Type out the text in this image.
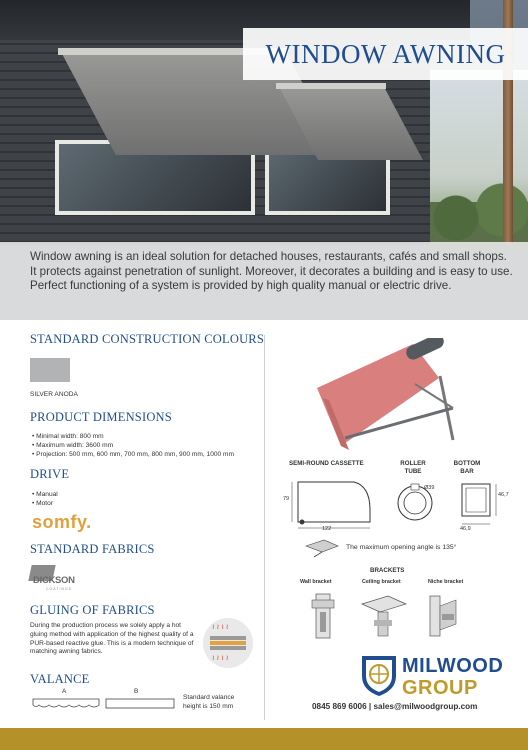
WINDOW AWNING

Window awning is an ideal solution for detached houses, restaurants, cafés and small shops. It protects against penetration of sunlight. Moreover, it decorates a building and is easy to use. Perfect functioning of a system is provided by high quality manual or electric drive.

STANDARD CONSTRUCTION COLOURS
SILVER ANODA
PRODUCT DIMENSIONS
• Minimal width: 800 mm
• Maximum width: 3600 mm
• Projection: 500 mm, 600 mm, 700 mm, 800 mm, 900 mm, 1000 mm
DRIVE
• Manual
• Motor
somfy.
STANDARD FABRICS
DICKSON
COATINGS
GLUING OF FABRICS
During the production process we solely apply a hot gluing method with application of the highest quality of a PUR-based reactive glue. This is a modern technique of matching awning fabrics.
≀≀≀≀
≀≀≀≀
VALANCE
A	B
Standard valance height is 150 mm
SEMI-ROUND CASSETTE	ROLLER
TUBE
BOTTOM
BAR
79
122
Ø39
46,7
46,9
The maximum opening angle is 135°
BRACKETS
Wall bracket	Ceiling bracket	Niche bracket
MILWOOD
GROUP
0845 869 6006 | sales@milwoodgroup.com
